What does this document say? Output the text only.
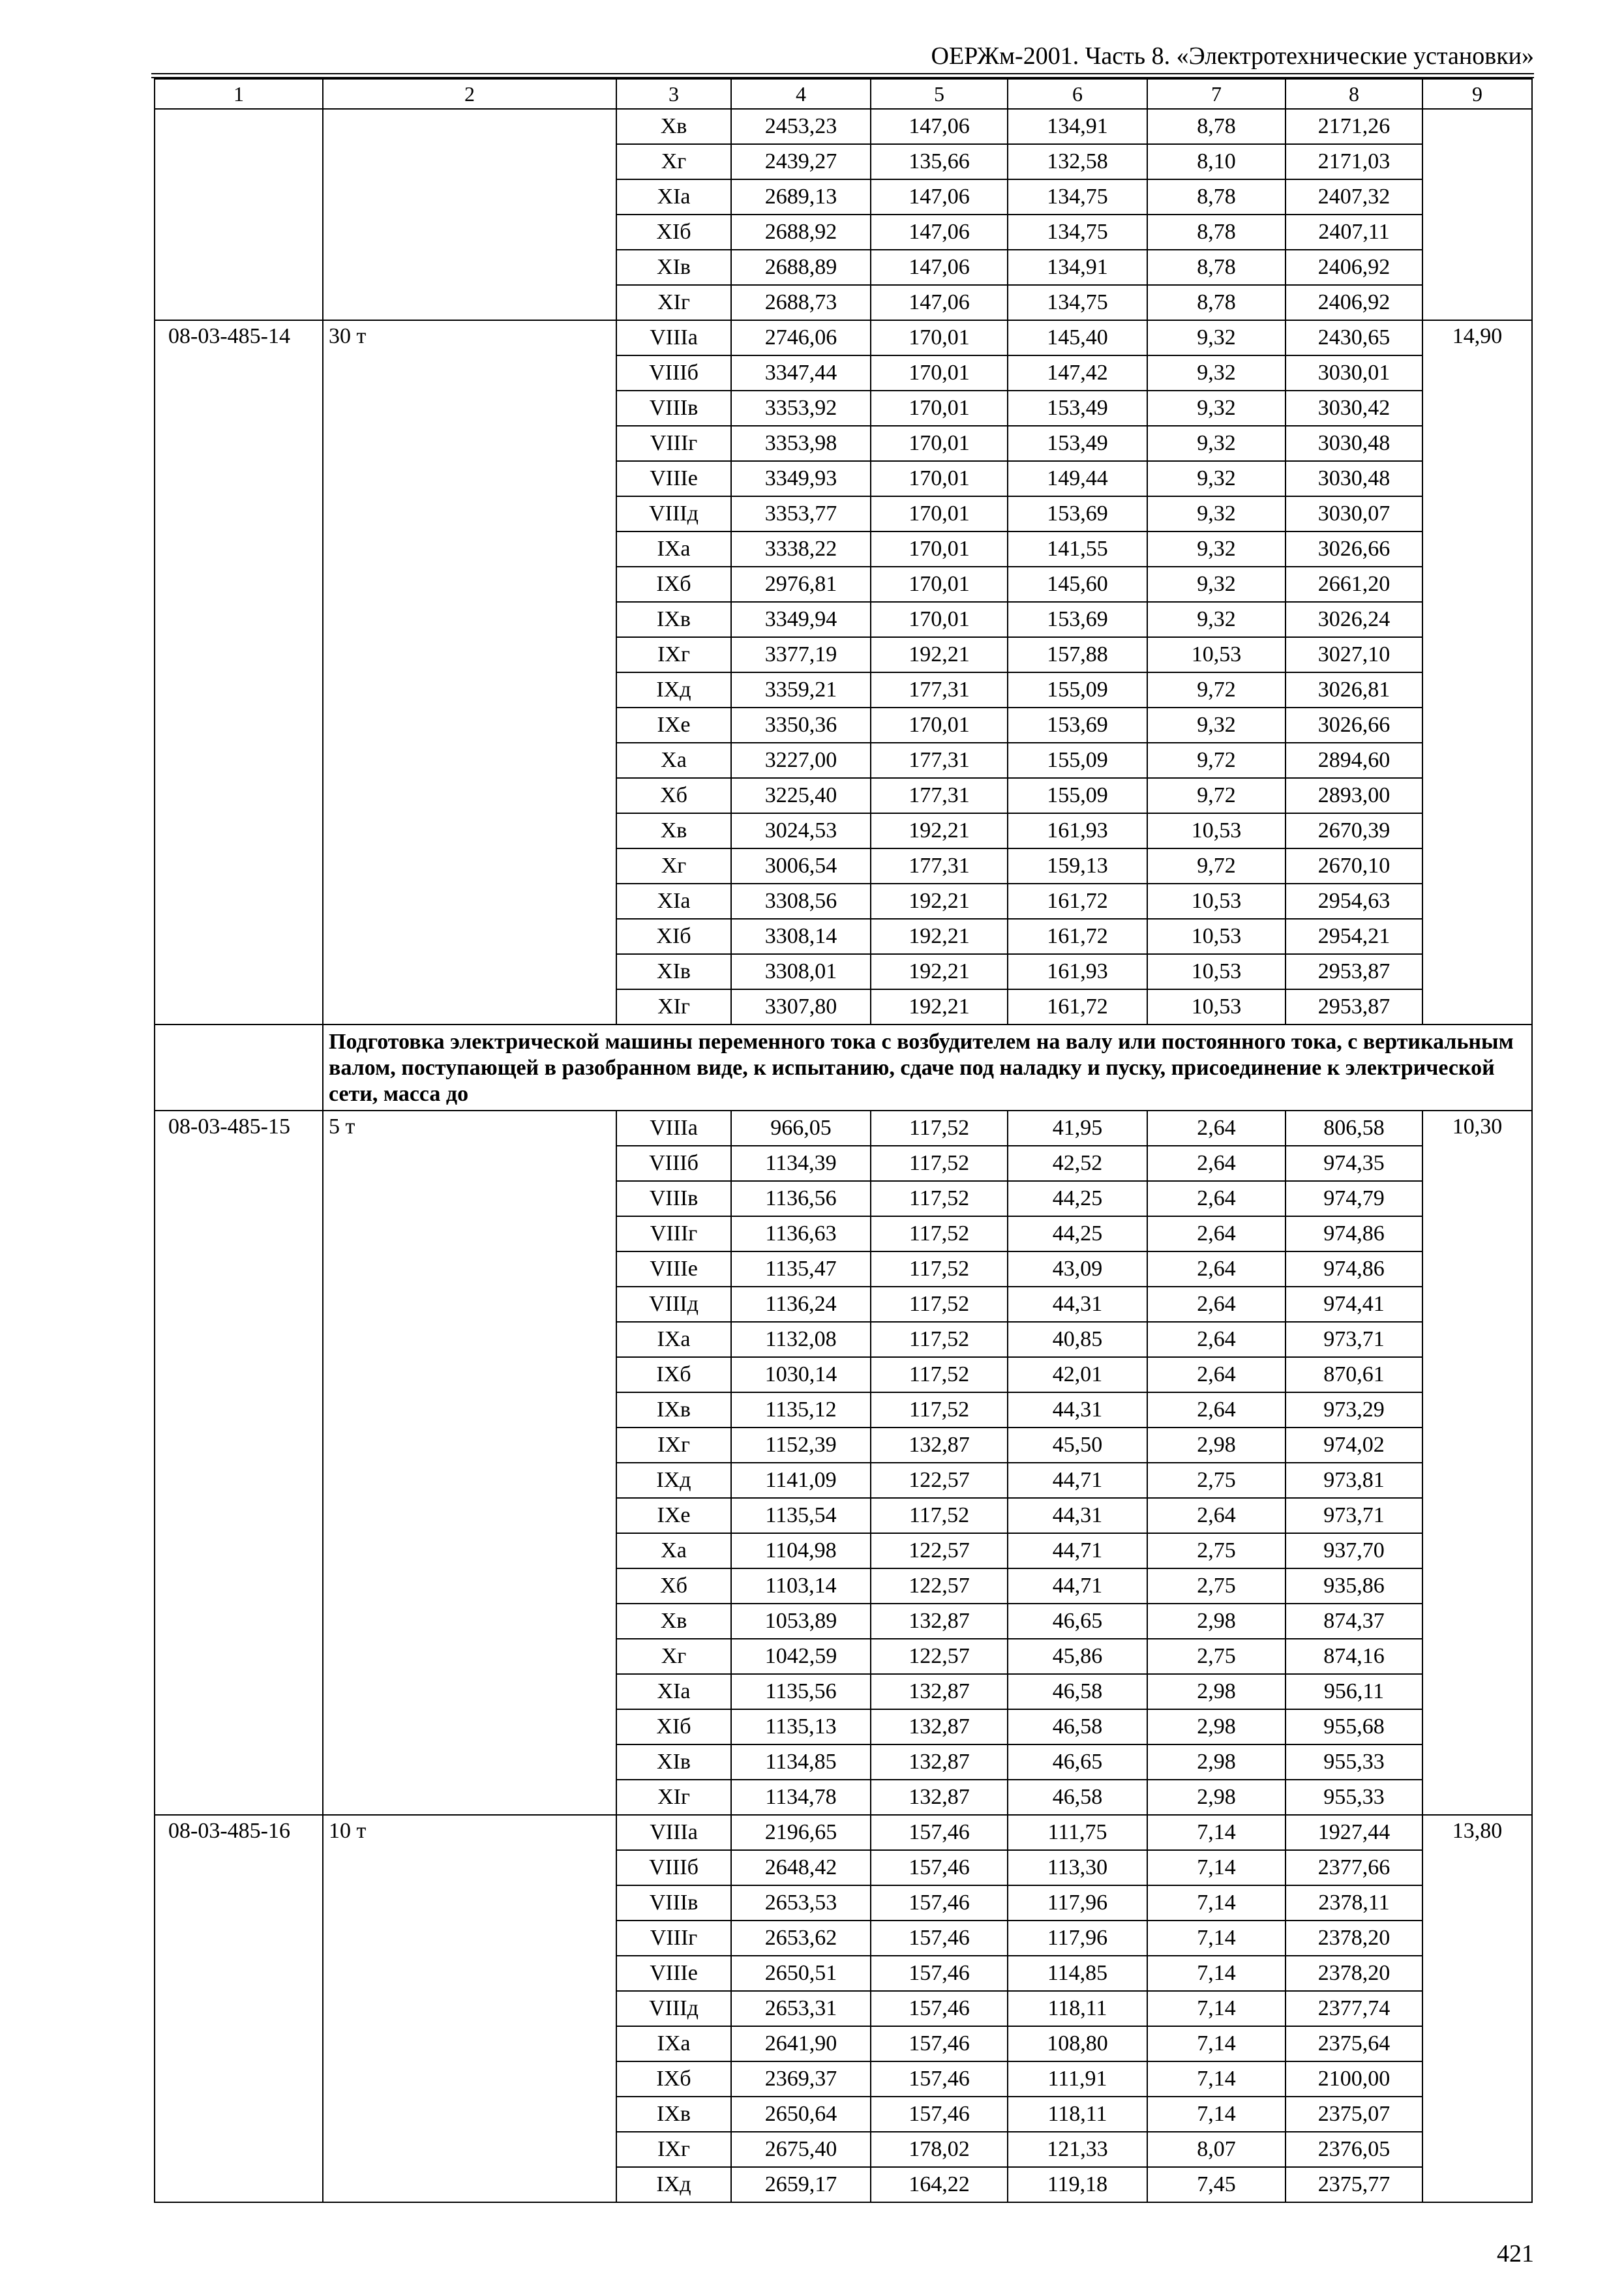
ОЕРЖм-2001. Часть 8. «Электротехнические установки»
1	2	3	4	5	6	7	8	9
		Xв	2453,23	147,06	134,91	8,78	2171,26	
		Xг	2439,27	135,66	132,58	8,10	2171,03	
		XIа	2689,13	147,06	134,75	8,78	2407,32	
		XIб	2688,92	147,06	134,75	8,78	2407,11	
		XIв	2688,89	147,06	134,91	8,78	2406,92	
		XIг	2688,73	147,06	134,75	8,78	2406,92	
08-03-485-14	30 т	VIIIа	2746,06	170,01	145,40	9,32	2430,65	14,90
		VIIIб	3347,44	170,01	147,42	9,32	3030,01	
		VIIIв	3353,92	170,01	153,49	9,32	3030,42	
		VIIIг	3353,98	170,01	153,49	9,32	3030,48	
		VIIIе	3349,93	170,01	149,44	9,32	3030,48	
		VIIIд	3353,77	170,01	153,69	9,32	3030,07	
		IXа	3338,22	170,01	141,55	9,32	3026,66	
		IXб	2976,81	170,01	145,60	9,32	2661,20	
		IXв	3349,94	170,01	153,69	9,32	3026,24	
		IXг	3377,19	192,21	157,88	10,53	3027,10	
		IXд	3359,21	177,31	155,09	9,72	3026,81	
		IXе	3350,36	170,01	153,69	9,32	3026,66	
		Xа	3227,00	177,31	155,09	9,72	2894,60	
		Xб	3225,40	177,31	155,09	9,72	2893,00	
		Xв	3024,53	192,21	161,93	10,53	2670,39	
		Xг	3006,54	177,31	159,13	9,72	2670,10	
		XIа	3308,56	192,21	161,72	10,53	2954,63	
		XIб	3308,14	192,21	161,72	10,53	2954,21	
		XIв	3308,01	192,21	161,93	10,53	2953,87	
		XIг	3307,80	192,21	161,72	10,53	2953,87	
	Подготовка электрической машины переменного тока с возбудителем на валу или постоянного тока, с вертикальным валом, поступающей в разобранном виде, к испытанию, сдаче под наладку и пуску, присоединение к электрической сети, масса до							
08-03-485-15	5 т	VIIIа	966,05	117,52	41,95	2,64	806,58	10,30
		VIIIб	1134,39	117,52	42,52	2,64	974,35	
		VIIIв	1136,56	117,52	44,25	2,64	974,79	
		VIIIг	1136,63	117,52	44,25	2,64	974,86	
		VIIIе	1135,47	117,52	43,09	2,64	974,86	
		VIIIд	1136,24	117,52	44,31	2,64	974,41	
		IXа	1132,08	117,52	40,85	2,64	973,71	
		IXб	1030,14	117,52	42,01	2,64	870,61	
		IXв	1135,12	117,52	44,31	2,64	973,29	
		IXг	1152,39	132,87	45,50	2,98	974,02	
		IXд	1141,09	122,57	44,71	2,75	973,81	
		IXе	1135,54	117,52	44,31	2,64	973,71	
		Xа	1104,98	122,57	44,71	2,75	937,70	
		Xб	1103,14	122,57	44,71	2,75	935,86	
		Xв	1053,89	132,87	46,65	2,98	874,37	
		Xг	1042,59	122,57	45,86	2,75	874,16	
		XIа	1135,56	132,87	46,58	2,98	956,11	
		XIб	1135,13	132,87	46,58	2,98	955,68	
		XIв	1134,85	132,87	46,65	2,98	955,33	
		XIг	1134,78	132,87	46,58	2,98	955,33	
08-03-485-16	10 т	VIIIа	2196,65	157,46	111,75	7,14	1927,44	13,80
		VIIIб	2648,42	157,46	113,30	7,14	2377,66	
		VIIIв	2653,53	157,46	117,96	7,14	2378,11	
		VIIIг	2653,62	157,46	117,96	7,14	2378,20	
		VIIIе	2650,51	157,46	114,85	7,14	2378,20	
		VIIIд	2653,31	157,46	118,11	7,14	2377,74	
		IXа	2641,90	157,46	108,80	7,14	2375,64	
		IXб	2369,37	157,46	111,91	7,14	2100,00	
		IXв	2650,64	157,46	118,11	7,14	2375,07	
		IXг	2675,40	178,02	121,33	8,07	2376,05	
		IXд	2659,17	164,22	119,18	7,45	2375,77	
421
